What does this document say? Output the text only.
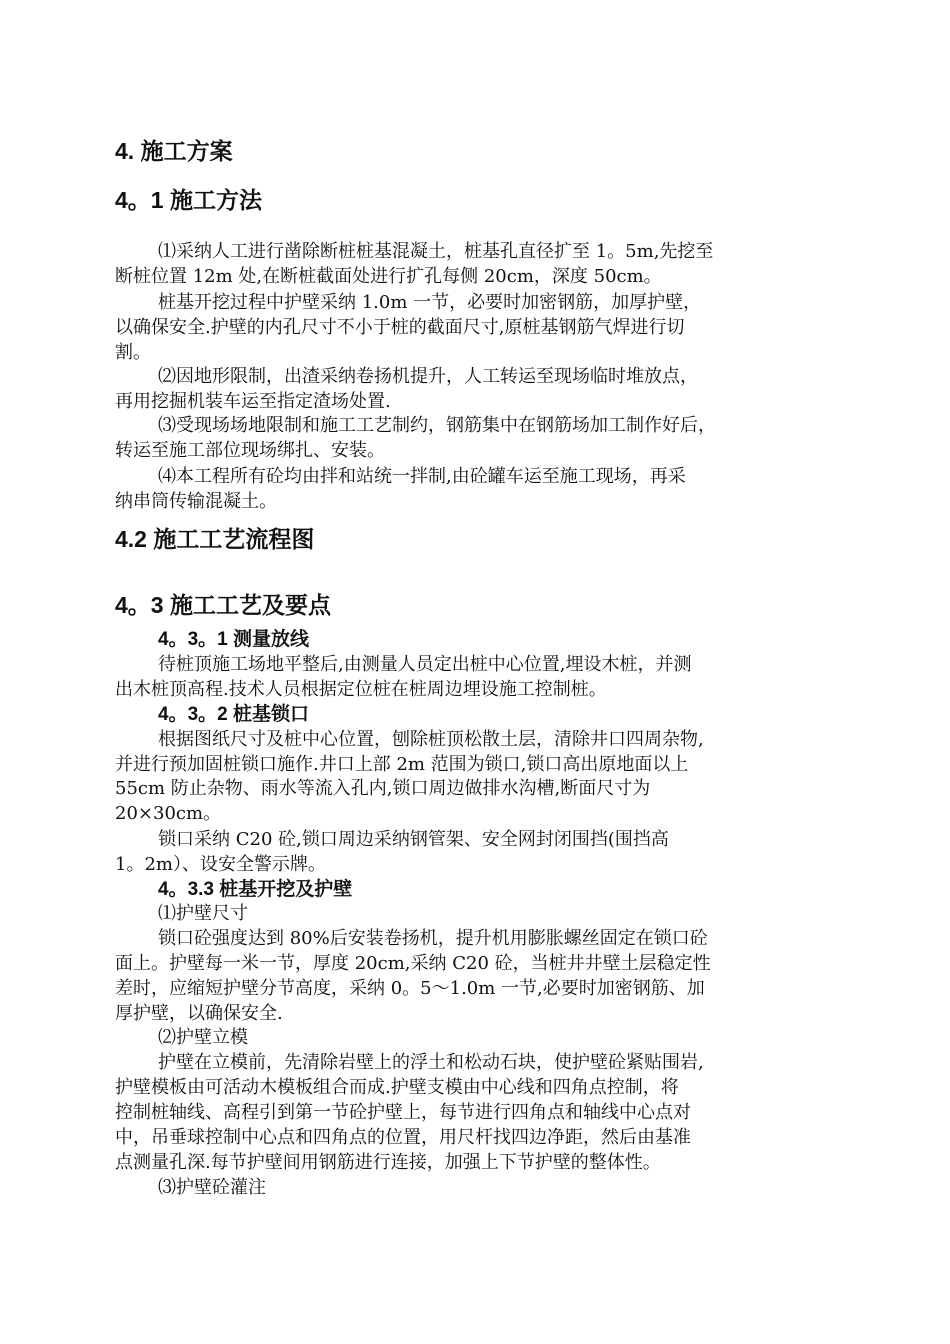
4. 施工方案
4。1 施工方法

⑴采纳人工进行凿除断桩桩基混凝土，桩基孔直径扩至 1。5m,先挖至

断桩位置 12m 处,在断桩截面处进行扩孔每侧 20cm，深度 50cm。

桩基开挖过程中护壁采纳 1.0m 一节，必要时加密钢筋，加厚护壁，

以确保安全.护壁的内孔尺寸不小于桩的截面尺寸,原桩基钢筋气焊进行切

割。

⑵因地形限制，出渣采纳卷扬机提升，人工转运至现场临时堆放点，

再用挖掘机装车运至指定渣场处置.

⑶受现场场地限制和施工工艺制约，钢筋集中在钢筋场加工制作好后，

转运至施工部位现场绑扎、安装。

⑷本工程所有砼均由拌和站统一拌制,由砼罐车运至施工现场，再采

纳串筒传输混凝土。

4.2 施工工艺流程图
4。3 施工工艺及要点
4。3。1 测量放线

待桩顶施工场地平整后,由测量人员定出桩中心位置,埋设木桩，并测

出木桩顶高程.技术人员根据定位桩在桩周边埋设施工控制桩。

4。3。2 桩基锁口

根据图纸尺寸及桩中心位置，刨除桩顶松散土层，清除井口四周杂物,

并进行预加固桩锁口施作.井口上部 2m 范围为锁口,锁口高出原地面以上

55cm 防止杂物、雨水等流入孔内,锁口周边做排水沟槽,断面尺寸为

20×30cm。

锁口采纳 C20 砼,锁口周边采纳钢管架、安全网封闭围挡(围挡高

1。2m）、设安全警示牌。

4。3.3 桩基开挖及护壁

⑴护壁尺寸

锁口砼强度达到 80%后安装卷扬机，提升机用膨胀螺丝固定在锁口砼

面上。护壁每一米一节，厚度 20cm,采纳 C20 砼，当桩井井壁土层稳定性

差时，应缩短护壁分节高度，采纳 0。5～1.0m 一节,必要时加密钢筋、加

厚护壁，以确保安全.

⑵护壁立模

护壁在立模前，先清除岩壁上的浮土和松动石块，使护壁砼紧贴围岩,

护壁模板由可活动木模板组合而成.护壁支模由中心线和四角点控制，将

控制桩轴线、高程引到第一节砼护壁上，每节进行四角点和轴线中心点对

中，吊垂球控制中心点和四角点的位置，用尺杆找四边净距，然后由基准

点测量孔深.每节护壁间用钢筋进行连接，加强上下节护壁的整体性。

⑶护壁砼灌注
